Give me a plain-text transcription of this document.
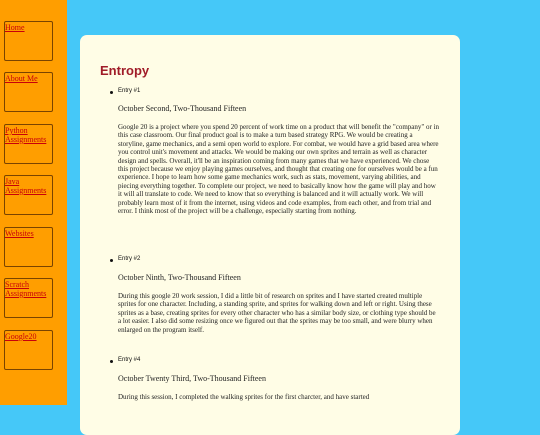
Home
About Me
Python Assignments
Java Assignments
Websites
Scratch Assignments
Google20
Entropy
Entry #1
October Second, Two-Thousand Fifteen
Google 20 is a project where you spend 20 percent of work time on a product that will benefit the "company" or in this case classroom. Our final product goal is to make a turn based strategy RPG. We would be creating a storyline, game mechanics, and a semi open world to explore. For combat, we would have a grid based area where you control unit's movement and attacks. We would be making our own sprites and terrain as well as character design and spells. Overall, it'll be an inspiration coming from many games that we have experienced. We chose this project because we enjoy playing games ourselves, and thought that creating one for ourselves would be a fun experience. I hope to learn how some game mechanics work, such as stats, movement, varying abilities, and piecing everything together. To complete our project, we need to basically know how the game will play and how it will all translate to code. We need to know that so everything is balanced and it will actually work. We will probably learn most of it from the internet, using videos and code examples, from each other, and from trial and error. I think most of the project will be a challenge, especially starting from nothing.
Entry #2
October Ninth, Two-Thousand Fifteen
During this google 20 work session, I did a little bit of research on sprites and I have started created multiple sprites for one character. Including, a standing sprite, and sprites for walking down and left or right. Using these sprites as a base, creating sprites for every other character who has a similar body size, or clothing type should be a lot easier. I also did some resizing once we figured out that the sprites may be too small, and were blurry when enlarged on the program itself.
Entry #4
October Twenty Third, Two-Thousand Fifteen
During this session, I completed the walking sprites for the first charcter, and have started
